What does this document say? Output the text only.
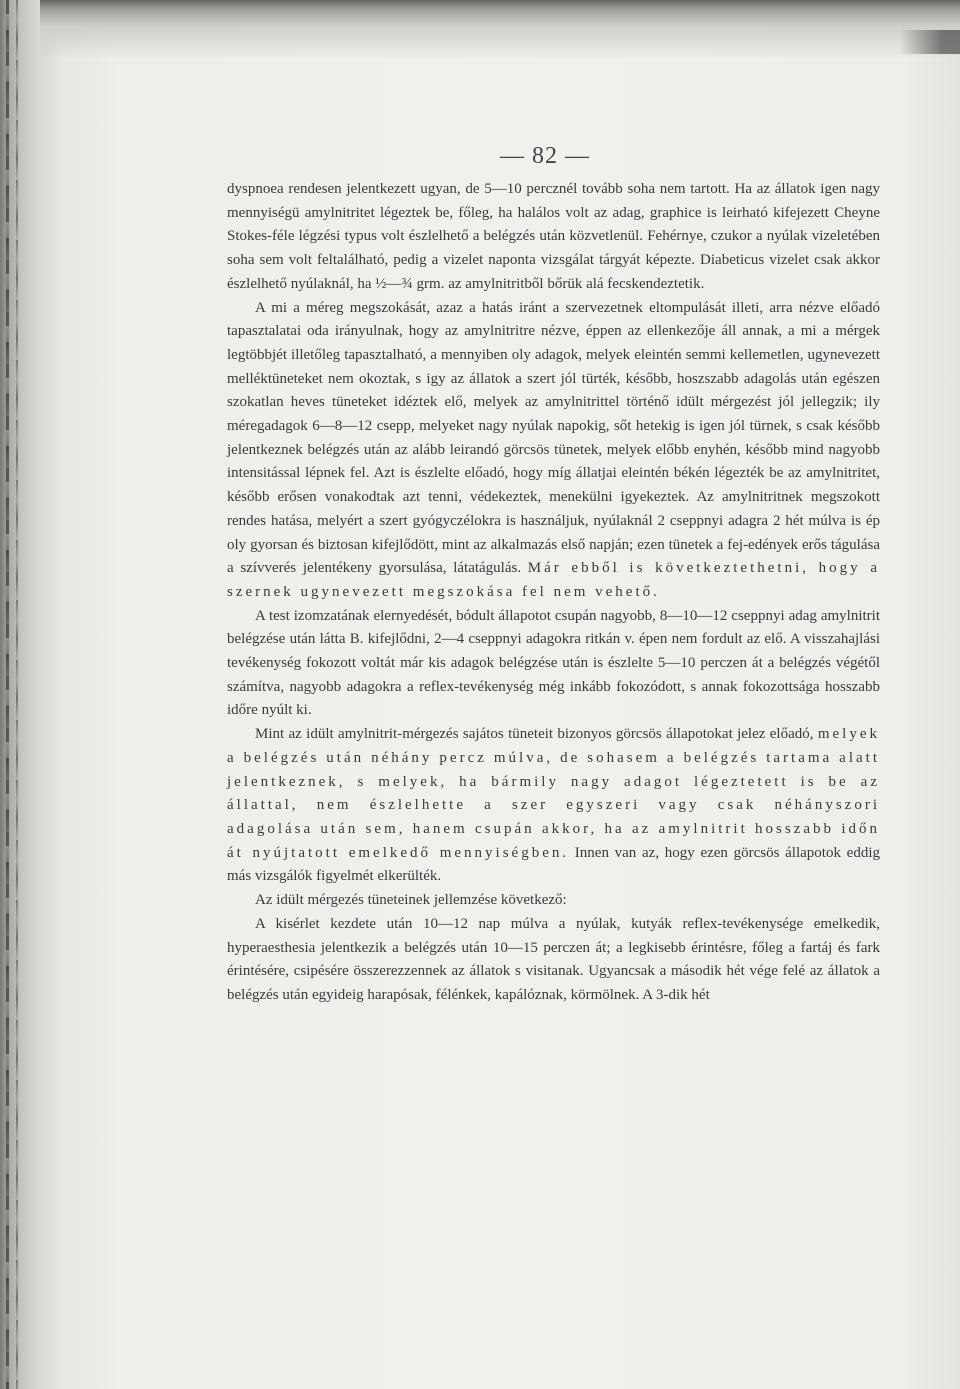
— 82 —

dyspnoea rendesen jelentkezett ugyan, de 5—10 percznél tovább soha nem tartott. Ha az állatok igen nagy mennyiségü amylnitritet légeztek be, főleg, ha halálos volt az adag, graphice is leirható kifejezett Cheyne Stokes-féle légzési typus volt észlelhető a belégzés után közvetlenül. Fehérnye, czukor a nyúlak vizeletében soha sem volt feltalálható, pedig a vizelet naponta vizsgálat tárgyát képezte. Diabeticus vizelet csak akkor észlelhető nyúlaknál, ha ½—¾ grm. az amylnitritből bőrük alá fecskendeztetik.

A mi a méreg megszokását, azaz a hatás iránt a szervezetnek eltompulását illeti, arra nézve előadó tapasztalatai oda irányulnak, hogy az amylnitritre nézve, éppen az ellenkezője áll annak, a mi a mérgek legtöbbjét illetőleg tapasztalható, a mennyiben oly adagok, melyek eleintén semmi kellemetlen, ugynevezett melléktüneteket nem okoztak, s igy az állatok a szert jól türték, később, hoszszabb adagolás után egészen szokatlan heves tüneteket idéztek elő, melyek az amylnitrittel történő idült mérgezést jól jellegzik; ily méregadagok 6—8—12 csepp, melyeket nagy nyúlak napokig, sőt hetekig is igen jól türnek, s csak később jelentkeznek belégzés után az alább leirandó görcsös tünetek, melyek előbb enyhén, később mind nagyobb intensitással lépnek fel. Azt is észlelte előadó, hogy míg állatjai eleintén békén légezték be az amylnitritet, később erősen vonakodtak azt tenni, védekeztek, menekülni igyekeztek. Az amylnitritnek megszokott rendes hatása, melyért a szert gyógyczélokra is használjuk, nyúlaknál 2 cseppnyi adagra 2 hét múlva is ép oly gyorsan és biztosan kifejlődött, mint az alkalmazás első napján; ezen tünetek a fej-edények erős tágulása a szívverés jelentékeny gyorsulása, látatágulás. Már ebből is következtethetni, hogy a szernek ugynevezett megszokása fel nem vehető.

A test izomzatának elernyedését, bódult állapotot csupán nagyobb, 8—10—12 cseppnyi adag amylnitrit belégzése után látta B. kifejlődni, 2—4 cseppnyi adagokra ritkán v. épen nem fordult az elő. A visszahajlási tevékenység fokozott voltát már kis adagok belégzése után is észlelte 5—10 perczen át a belégzés végétől számítva, nagyobb adagokra a reflex-tevékenység még inkább fokozódott, s annak fokozottsága hosszabb időre nyúlt ki.

Mint az idült amylnitrit-mérgezés sajátos tüneteit bizonyos görcsös állapotokat jelez előadó, melyek a belégzés után néhány percz múlva, de sohasem a belégzés tartama alatt jelentkeznek, s melyek, ha bármily nagy adagot légeztetett is be az állattal, nem észlelhette a szer egyszeri vagy csak néhányszori adagolása után sem, hanem csupán akkor, ha az amylnitrit hosszabb időn át nyújtatott emelkedő mennyiségben. Innen van az, hogy ezen görcsös állapotok eddig más vizsgálók figyelmét elkerülték.

Az idült mérgezés tüneteinek jellemzése következő:

A kisérlet kezdete után 10—12 nap múlva a nyúlak, kutyák reflex-tevékenysége emelkedik, hyperaesthesia jelentkezik a belégzés után 10—15 perczen át; a legkisebb érintésre, főleg a fartáj és fark érintésére, csipésére összerezzennek az állatok s visitanak. Ugyancsak a második hét vége felé az állatok a belégzés után egyideig harapósak, félénkek, kapálóznak, körmölnek. A 3-dik hét
